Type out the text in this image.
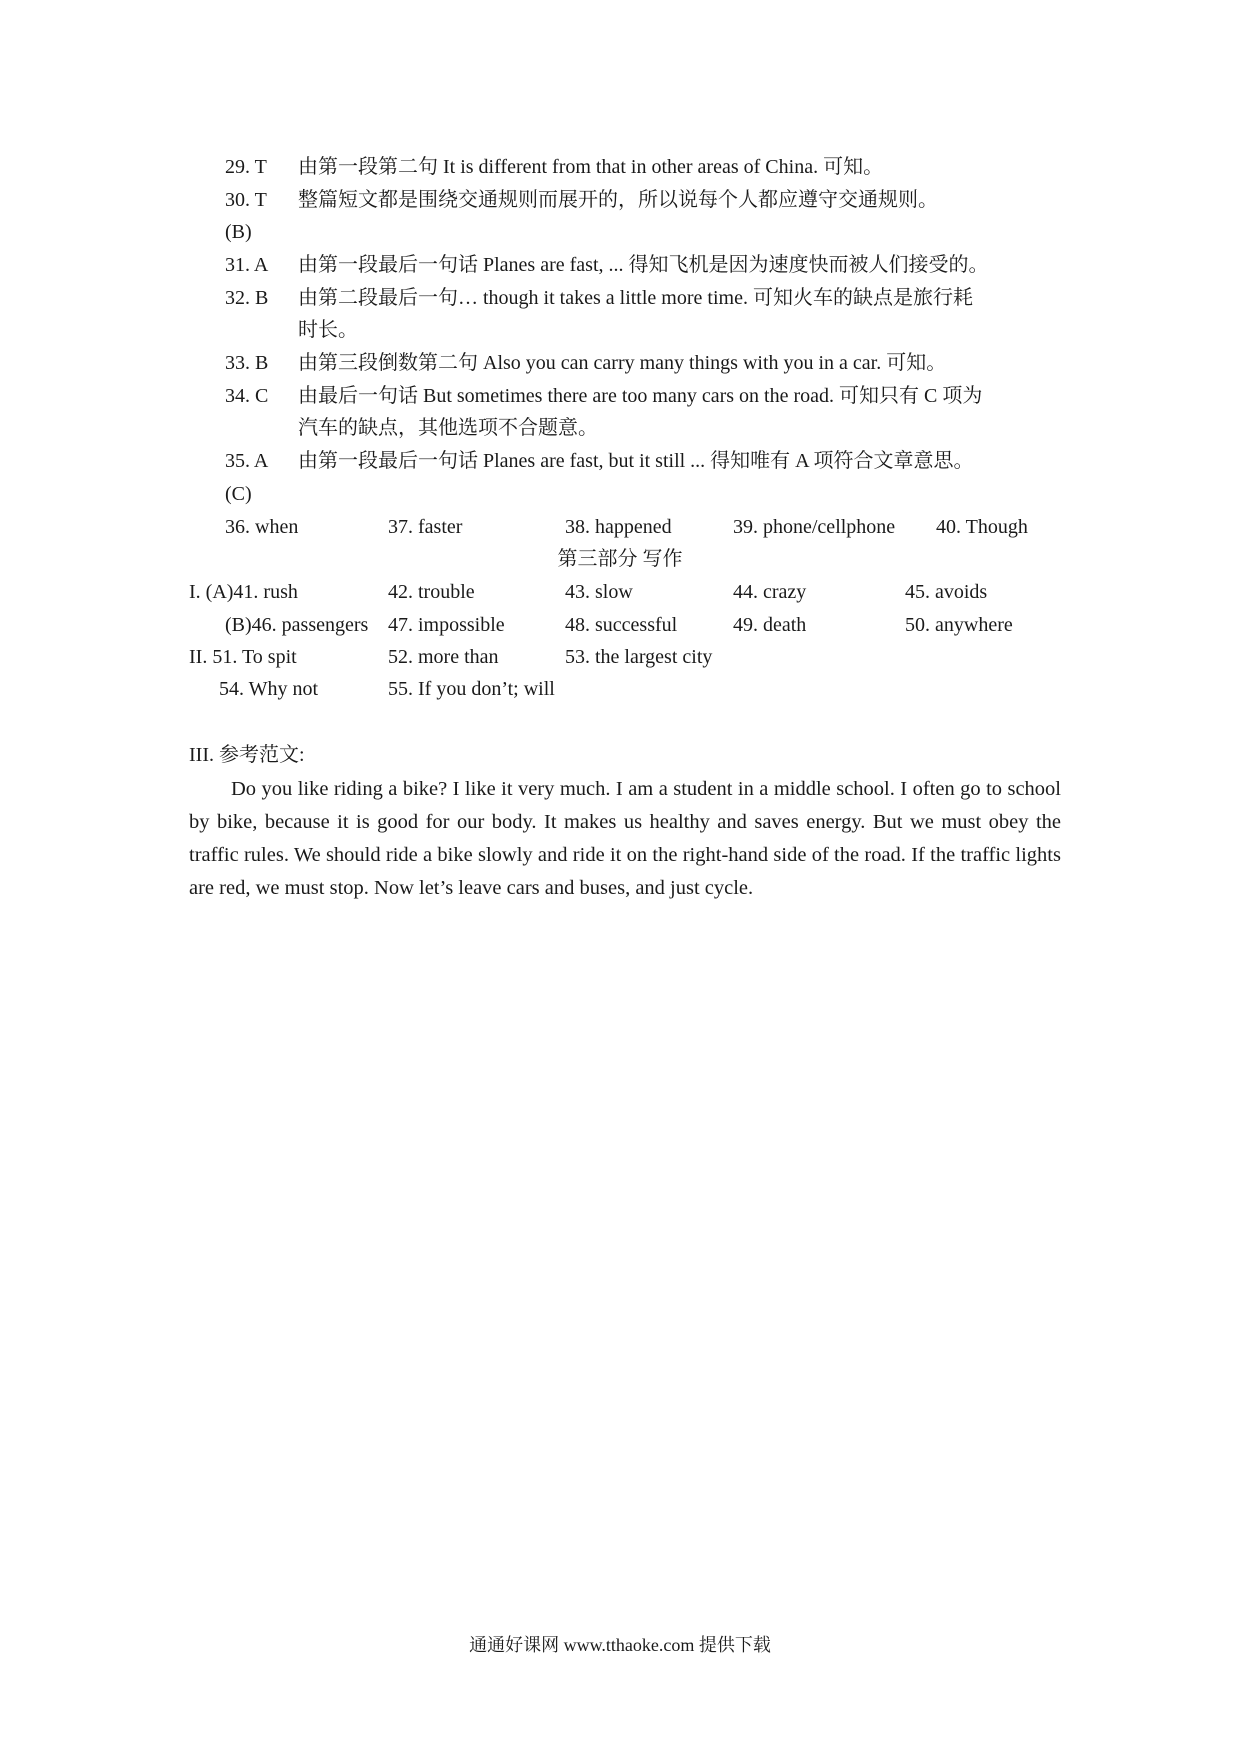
29. T 由第一段第二句 It is different from that in other areas of China. 可知。
30. T 整篇短文都是围绕交通规则而展开的，所以说每个人都应遵守交通规则。
(B)
31. A 由第一段最后一句话 Planes are fast, ... 得知飞机是因为速度快而被人们接受的。
32. B 由第二段最后一句… though it takes a little more time. 可知火车的缺点是旅行耗
时长。
33. B 由第三段倒数第二句 Also you can carry many things with you in a car. 可知。
34. C 由最后一句话 But sometimes there are too many cars on the road. 可知只有 C 项为
汽车的缺点，其他选项不合题意。
35. A 由第一段最后一句话 Planes are fast, but it still ... 得知唯有 A 项符合文章意思。
(C)
36. when	37. faster	38. happened	39. phone/cellphone 40. Though
第三部分 写作
I. (A)41. rush	42. trouble	43. slow	44. crazy	45. avoids
(B)46. passengers 47. impossible	48. successful	49. death	50. anywhere
II. 51. To spit	52. more than	53. the largest city
54. Why not	55. If you don’t; will
III. 参考范文:

Do you like riding a bike? I like it very much. I am a student in a middle school. I often go to school by bike, because it is good for our body. It makes us healthy and saves energy. But we must obey the traffic rules. We should ride a bike slowly and ride it on the right-hand side of the road. If the traffic lights are red, we must stop. Now let’s leave cars and buses, and just cycle.

通通好课网 www.tthaoke.com 提供下载
